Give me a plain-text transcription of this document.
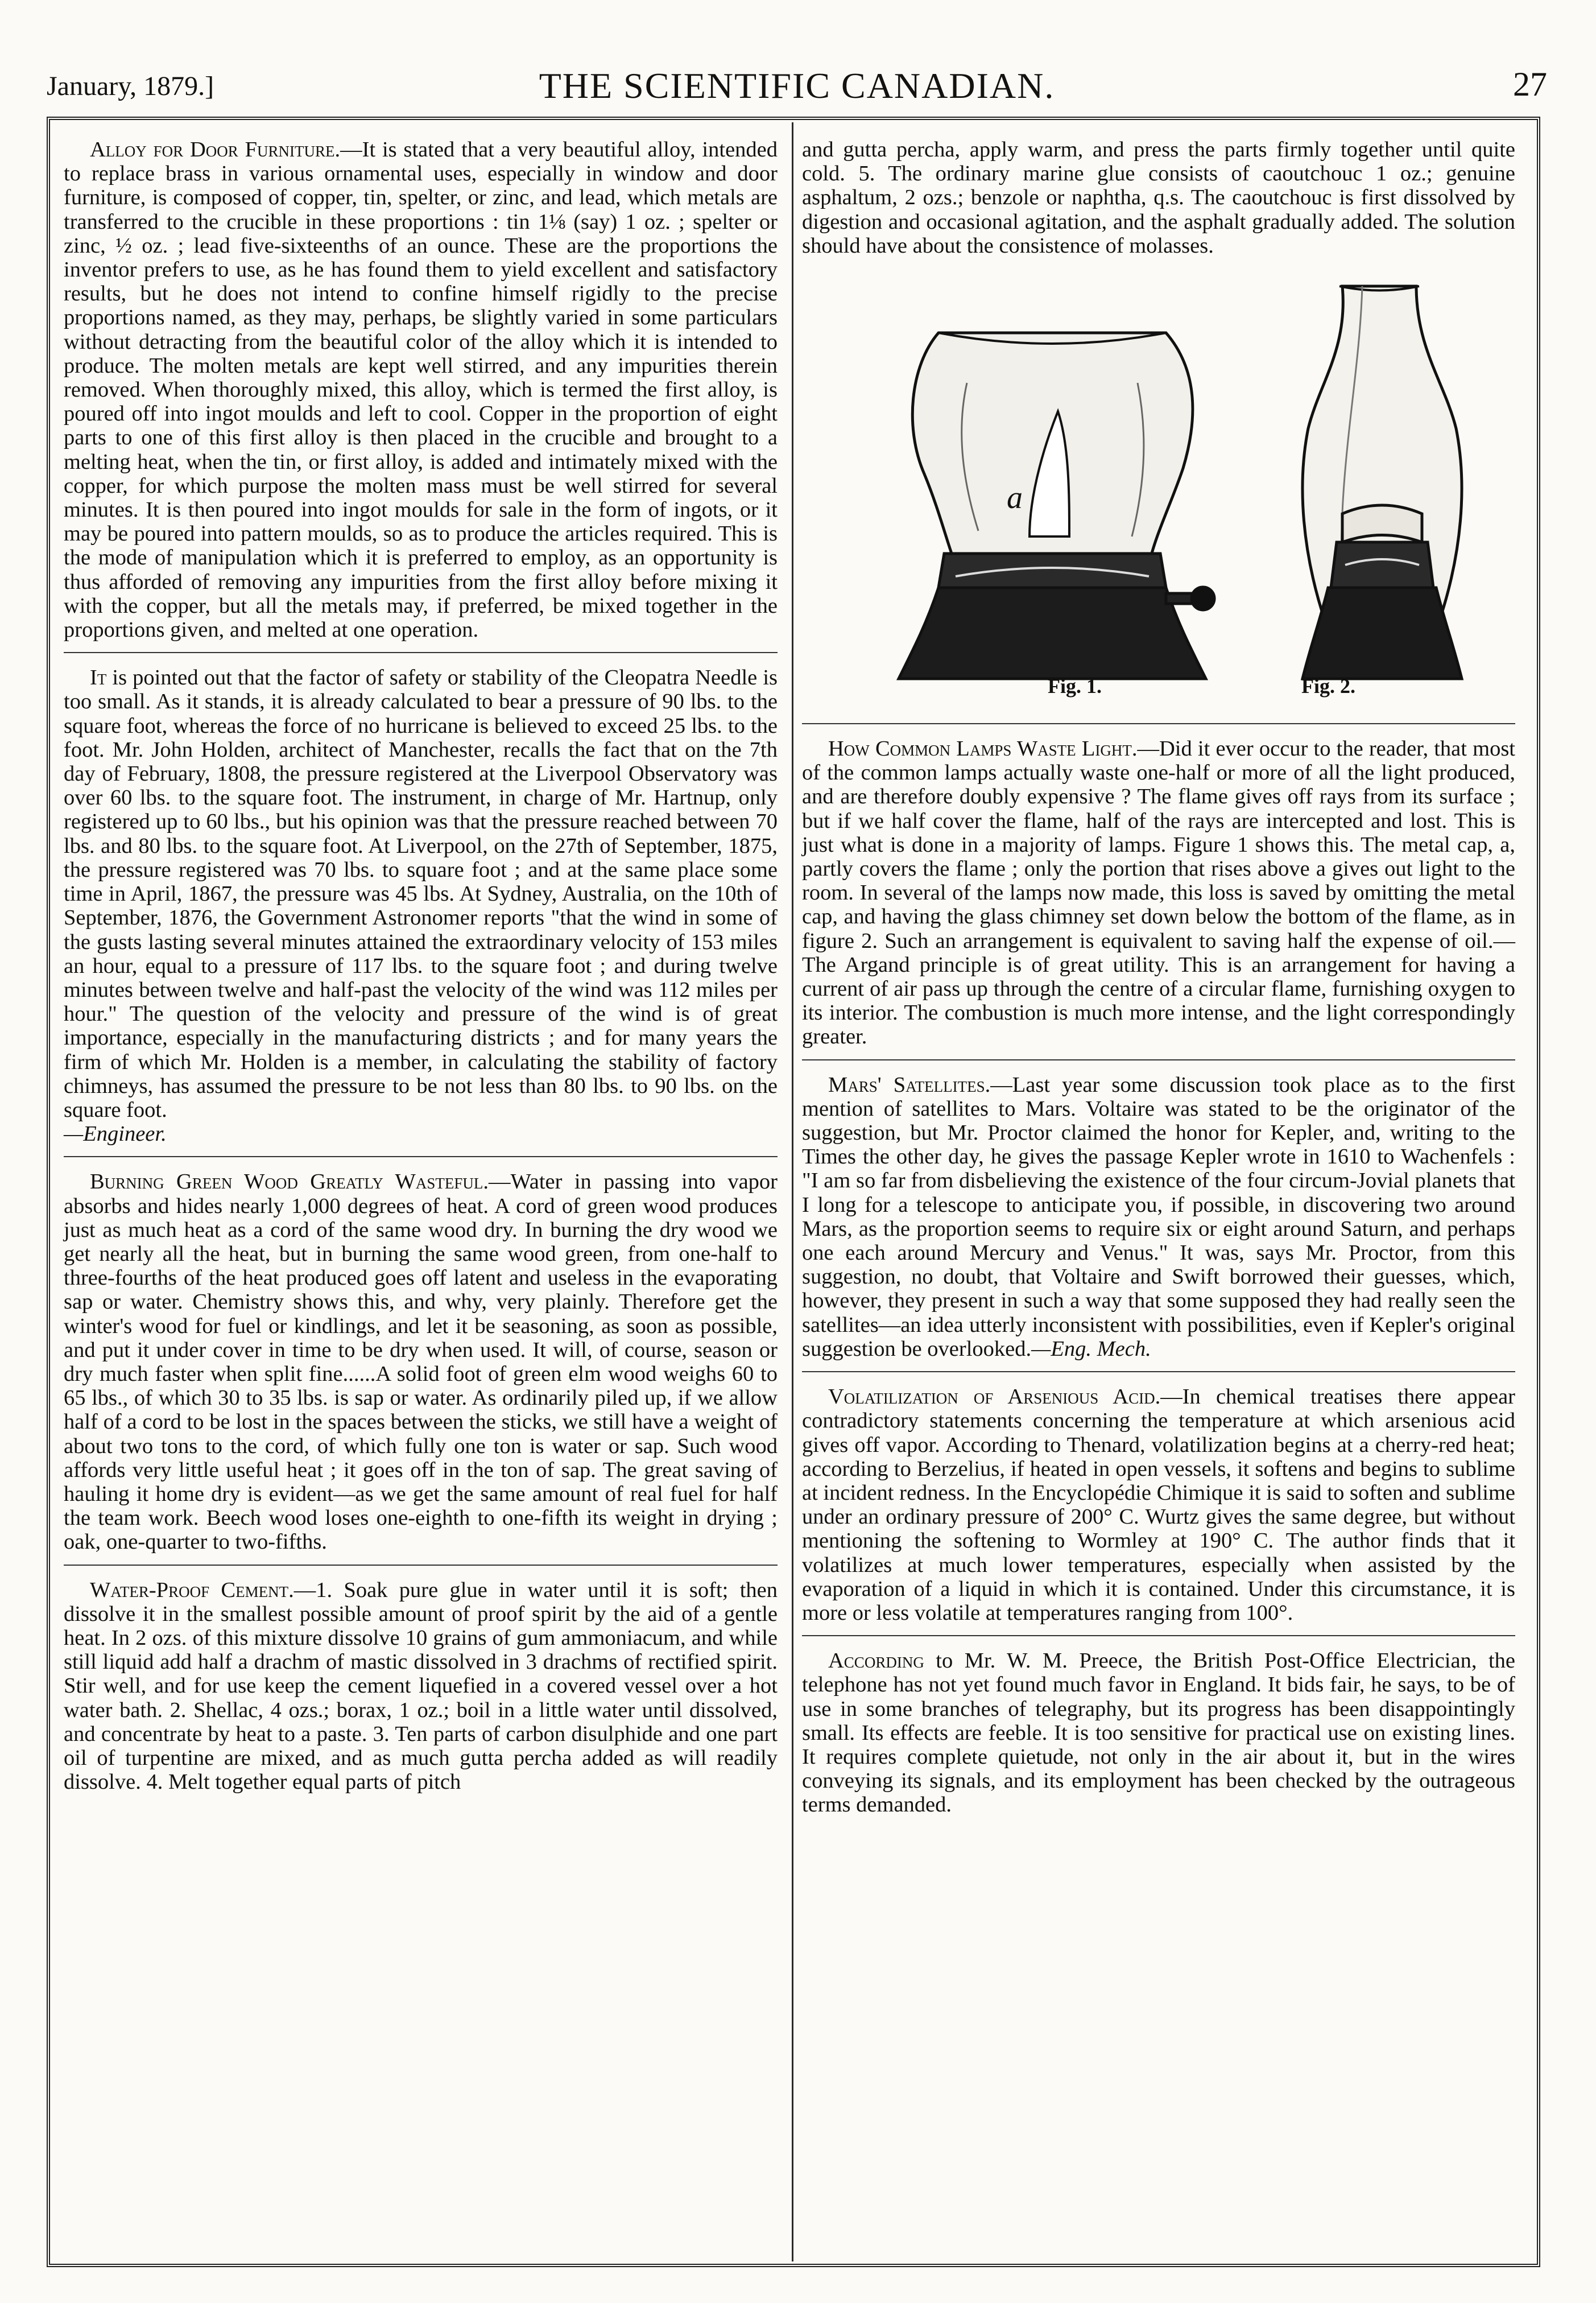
January, 1879.]	THE SCIENTIFIC CANADIAN.	27

Alloy for Door Furniture.—It is stated that a very beautiful alloy, intended to replace brass in various ornamental uses, especially in window and door furniture, is composed of copper, tin, spelter, or zinc, and lead, which metals are transferred to the crucible in these proportions : tin 1⅛ (say) 1 oz. ; spelter or zinc, ½ oz. ; lead five-sixteenths of an ounce. These are the proportions the inventor prefers to use, as he has found them to yield excellent and satisfactory results, but he does not intend to confine himself rigidly to the precise proportions named, as they may, perhaps, be slightly varied in some particulars without detracting from the beautiful color of the alloy which it is intended to produce. The molten metals are kept well stirred, and any impurities therein removed. When thoroughly mixed, this alloy, which is termed the first alloy, is poured off into ingot moulds and left to cool. Copper in the proportion of eight parts to one of this first alloy is then placed in the crucible and brought to a melting heat, when the tin, or first alloy, is added and intimately mixed with the copper, for which purpose the molten mass must be well stirred for several minutes. It is then poured into ingot moulds for sale in the form of ingots, or it may be poured into pattern moulds, so as to produce the articles required. This is the mode of manipulation which it is preferred to employ, as an opportunity is thus afforded of removing any impurities from the first alloy before mixing it with the copper, but all the metals may, if preferred, be mixed together in the proportions given, and melted at one operation.

It is pointed out that the factor of safety or stability of the Cleopatra Needle is too small. As it stands, it is already calculated to bear a pressure of 90 lbs. to the square foot, whereas the force of no hurricane is believed to exceed 25 lbs. to the foot. Mr. John Holden, architect of Manchester, recalls the fact that on the 7th day of February, 1808, the pressure registered at the Liverpool Observatory was over 60 lbs. to the square foot. The instrument, in charge of Mr. Hartnup, only registered up to 60 lbs., but his opinion was that the pressure reached between 70 lbs. and 80 lbs. to the square foot. At Liverpool, on the 27th of September, 1875, the pressure registered was 70 lbs. to square foot ; and at the same place some time in April, 1867, the pressure was 45 lbs. At Sydney, Australia, on the 10th of September, 1876, the Government Astronomer reports "that the wind in some of the gusts lasting several minutes attained the extraordinary velocity of 153 miles an hour, equal to a pressure of 117 lbs. to the square foot ; and during twelve minutes between twelve and half-past the velocity of the wind was 112 miles per hour." The question of the velocity and pressure of the wind is of great importance, especially in the manufacturing districts ; and for many years the firm of which Mr. Holden is a member, in calculating the stability of factory chimneys, has assumed the pressure to be not less than 80 lbs. to 90 lbs. on the square foot.
—Engineer.

Burning Green Wood Greatly Wasteful.—Water in passing into vapor absorbs and hides nearly 1,000 degrees of heat. A cord of green wood produces just as much heat as a cord of the same wood dry. In burning the dry wood we get nearly all the heat, but in burning the same wood green, from one-half to three-fourths of the heat produced goes off latent and useless in the evaporating sap or water. Chemistry shows this, and why, very plainly. Therefore get the winter's wood for fuel or kindlings, and let it be seasoning, as soon as possible, and put it under cover in time to be dry when used. It will, of course, season or dry much faster when split fine......A solid foot of green elm wood weighs 60 to 65 lbs., of which 30 to 35 lbs. is sap or water. As ordinarily piled up, if we allow half of a cord to be lost in the spaces between the sticks, we still have a weight of about two tons to the cord, of which fully one ton is water or sap. Such wood affords very little useful heat ; it goes off in the ton of sap. The great saving of hauling it home dry is evident—as we get the same amount of real fuel for half the team work. Beech wood loses one-eighth to one-fifth its weight in drying ; oak, one-quarter to two-fifths.

Water-Proof Cement.—1. Soak pure glue in water until it is soft; then dissolve it in the smallest possible amount of proof spirit by the aid of a gentle heat. In 2 ozs. of this mixture dissolve 10 grains of gum ammoniacum, and while still liquid add half a drachm of mastic dissolved in 3 drachms of rectified spirit. Stir well, and for use keep the cement liquefied in a covered vessel over a hot water bath. 2. Shellac, 4 ozs.; borax, 1 oz.; boil in a little water until dissolved, and concentrate by heat to a paste. 3. Ten parts of carbon disulphide and one part oil of turpentine are mixed, and as much gutta percha added as will readily dissolve. 4. Melt together equal parts of pitch

and gutta percha, apply warm, and press the parts firmly together until quite cold. 5. The ordinary marine glue consists of caoutchouc 1 oz.; genuine asphaltum, 2 ozs.; benzole or naphtha, q.s. The caoutchouc is first dissolved by digestion and occasional agitation, and the asphalt gradually added. The solution should have about the consistence of molasses.

a
Fig. 1.	Fig. 2.

How Common Lamps Waste Light.—Did it ever occur to the reader, that most of the common lamps actually waste one-half or more of all the light produced, and are therefore doubly expensive ? The flame gives off rays from its surface ; but if we half cover the flame, half of the rays are intercepted and lost. This is just what is done in a majority of lamps. Figure 1 shows this. The metal cap, a, partly covers the flame ; only the portion that rises above a gives out light to the room. In several of the lamps now made, this loss is saved by omitting the metal cap, and having the glass chimney set down below the bottom of the flame, as in figure 2. Such an arrangement is equivalent to saving half the expense of oil.—The Argand principle is of great utility. This is an arrangement for having a current of air pass up through the centre of a circular flame, furnishing oxygen to its interior. The combustion is much more intense, and the light correspondingly greater.

Mars' Satellites.—Last year some discussion took place as to the first mention of satellites to Mars. Voltaire was stated to be the originator of the suggestion, but Mr. Proctor claimed the honor for Kepler, and, writing to the Times the other day, he gives the passage Kepler wrote in 1610 to Wachenfels : "I am so far from disbelieving the existence of the four circum-Jovial planets that I long for a telescope to anticipate you, if possible, in discovering two around Mars, as the proportion seems to require six or eight around Saturn, and perhaps one each around Mercury and Venus." It was, says Mr. Proctor, from this suggestion, no doubt, that Voltaire and Swift borrowed their guesses, which, however, they present in such a way that some supposed they had really seen the satellites—an idea utterly inconsistent with possibilities, even if Kepler's original suggestion be overlooked.—Eng. Mech.

Volatilization of Arsenious Acid.—In chemical treatises there appear contradictory statements concerning the temperature at which arsenious acid gives off vapor. According to Thenard, volatilization begins at a cherry-red heat; according to Berzelius, if heated in open vessels, it softens and begins to sublime at incident redness. In the Encyclopédie Chimique it is said to soften and sublime under an ordinary pressure of 200° C. Wurtz gives the same degree, but without mentioning the softening to Wormley at 190° C. The author finds that it volatilizes at much lower temperatures, especially when assisted by the evaporation of a liquid in which it is contained. Under this circumstance, it is more or less volatile at temperatures ranging from 100°.

According to Mr. W. M. Preece, the British Post-Office Electrician, the telephone has not yet found much favor in England. It bids fair, he says, to be of use in some branches of telegraphy, but its progress has been disappointingly small. Its effects are feeble. It is too sensitive for practical use on existing lines. It requires complete quietude, not only in the air about it, but in the wires conveying its signals, and its employment has been checked by the outrageous terms demanded.
